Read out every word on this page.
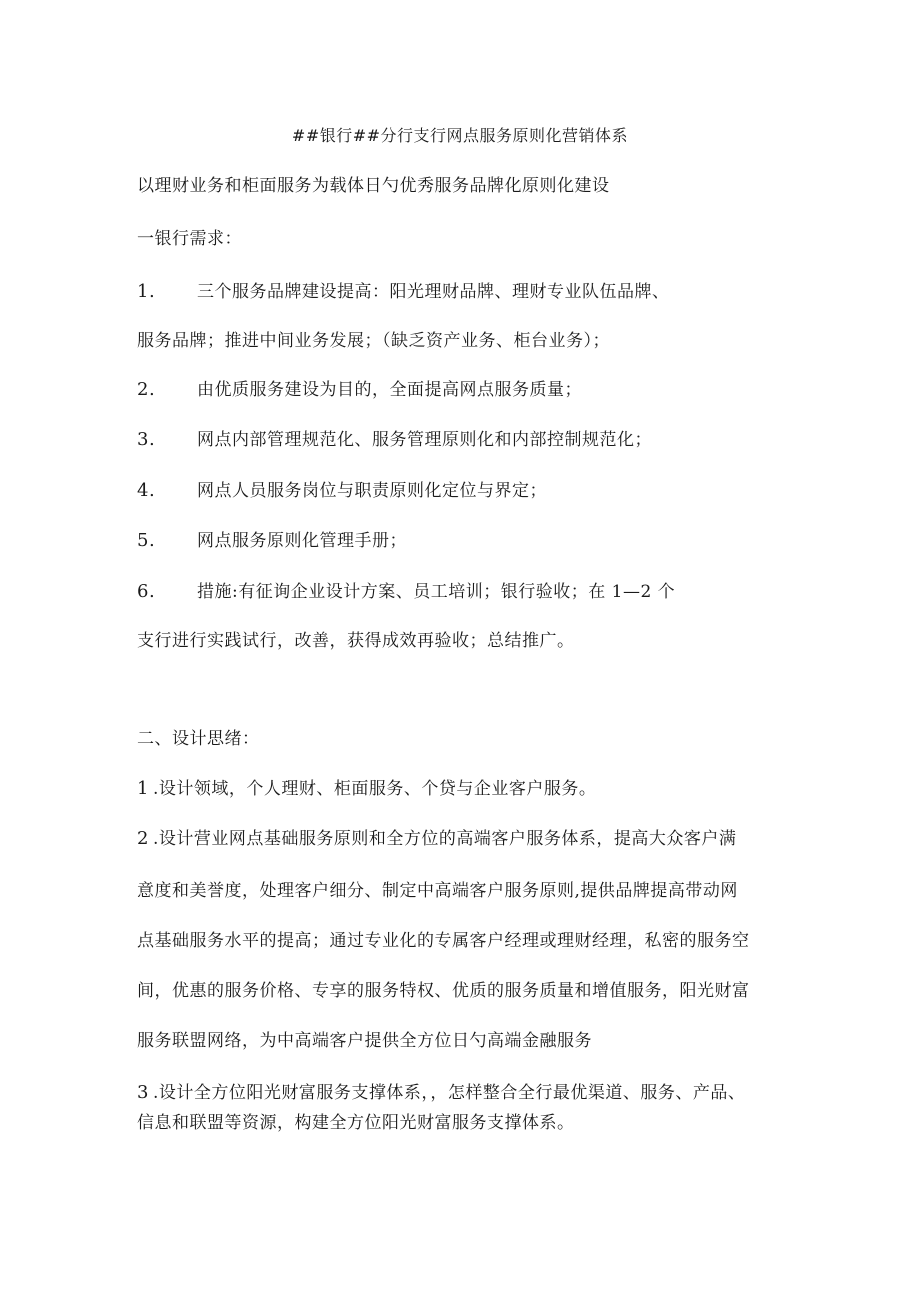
##银行##分行支行网点服务原则化营销体系
以理财业务和柜面服务为载体日勺优秀服务品牌化原则化建设
一银行需求：
1. 三个服务品牌建设提高：阳光理财品牌、理财专业队伍品牌、
服务品牌；推进中间业务发展；（缺乏资产业务、柜台业务）；
2. 由优质服务建设为目的，全面提高网点服务质量；
3. 网点内部管理规范化、服务管理原则化和内部控制规范化；
4. 网点人员服务岗位与职责原则化定位与界定；
5. 网点服务原则化管理手册；
6. 措施:有征询企业设计方案、员工培训；银行验收；在 1—2 个
支行进行实践试行，改善，获得成效再验收；总结推广。
二、设计思绪：
1 .设计领域，个人理财、柜面服务、个贷与企业客户服务。
2 .设计营业网点基础服务原则和全方位的高端客户服务体系，提高大众客户满
意度和美誉度，处理客户细分、制定中高端客户服务原则,提供品牌提高带动网
点基础服务水平的提高；通过专业化的专属客户经理或理财经理，私密的服务空
间，优惠的服务价格、专享的服务特权、优质的服务质量和增值服务，阳光财富
服务联盟网络，为中高端客户提供全方位日勺高端金融服务
3 .设计全方位阳光财富服务支撑体系，，怎样整合全行最优渠道、服务、产品、
信息和联盟等资源，构建全方位阳光财富服务支撑体系。
